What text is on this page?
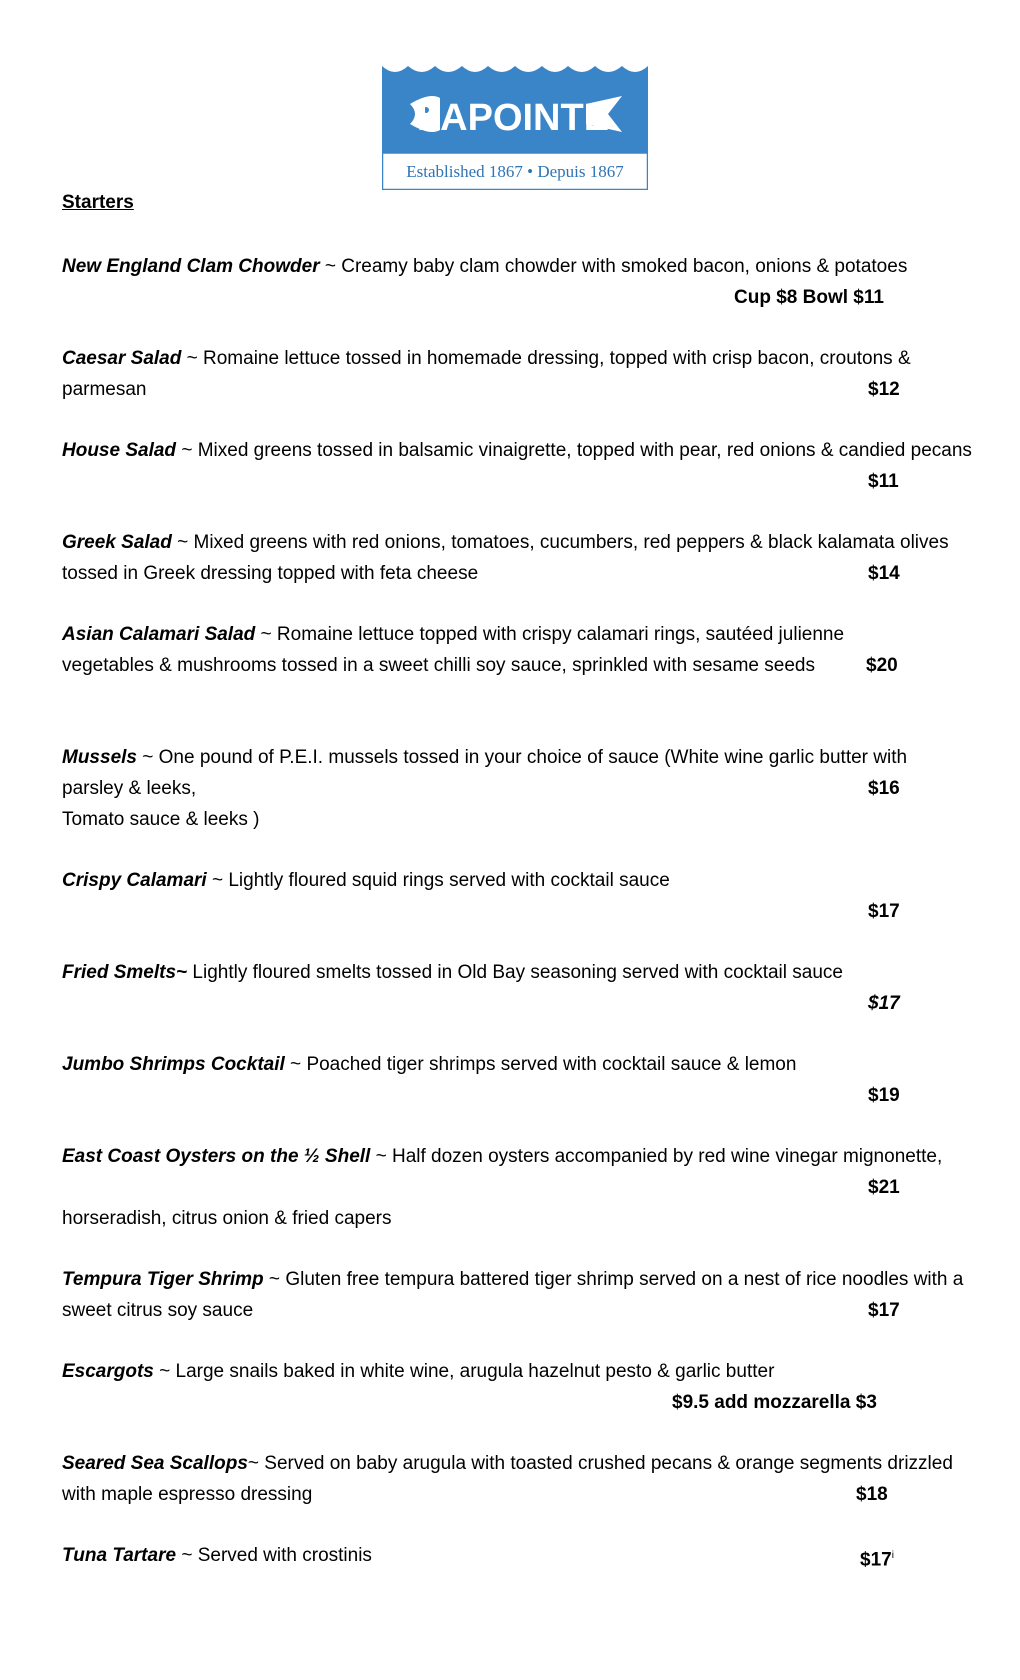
LAPOINTE
Established 1867 • Depuis 1867
Starters
New England Clam Chowder ~ Creamy baby clam chowder with smoked bacon, onions & potatoes
Cup $8 Bowl $11
Caesar Salad ~ Romaine lettuce tossed in homemade dressing, topped with crisp bacon, croutons & parmesan	$12
House Salad ~ Mixed greens tossed in balsamic vinaigrette, topped with pear, red onions & candied pecans
$11
Greek Salad ~ Mixed greens with red onions, tomatoes, cucumbers, red peppers & black kalamata olives tossed in Greek dressing topped with feta cheese	$14
Asian Calamari Salad ~ Romaine lettuce topped with crispy calamari rings, sautéed julienne vegetables & mushrooms tossed in a sweet chilli soy sauce, sprinkled with sesame seeds	$20
Mussels ~ One pound of P.E.I. mussels tossed in your choice of sauce (White wine garlic butter with parsley & leeks,
Tomato sauce & leeks )
$16
Crispy Calamari ~ Lightly floured squid rings served with cocktail sauce
$17
Fried Smelts~ Lightly floured smelts tossed in Old Bay seasoning served with cocktail sauce
$17
Jumbo Shrimps Cocktail ~ Poached tiger shrimps served with cocktail sauce & lemon
$19
East Coast Oysters on the ½ Shell ~ Half dozen oysters accompanied by red wine vinegar mignonette,
$21
horseradish, citrus onion & fried capers
Tempura Tiger Shrimp ~ Gluten free tempura battered tiger shrimp served on a nest of rice noodles with a sweet citrus soy sauce	$17
Escargots ~ Large snails baked in white wine, arugula hazelnut pesto & garlic butter
$9.5 add mozzarella $3
Seared Sea Scallops~ Served on baby arugula with toasted crushed pecans & orange segments drizzled with maple espresso dressing	$18
Tuna Tartare ~ Served with crostinis	$17$^i$
